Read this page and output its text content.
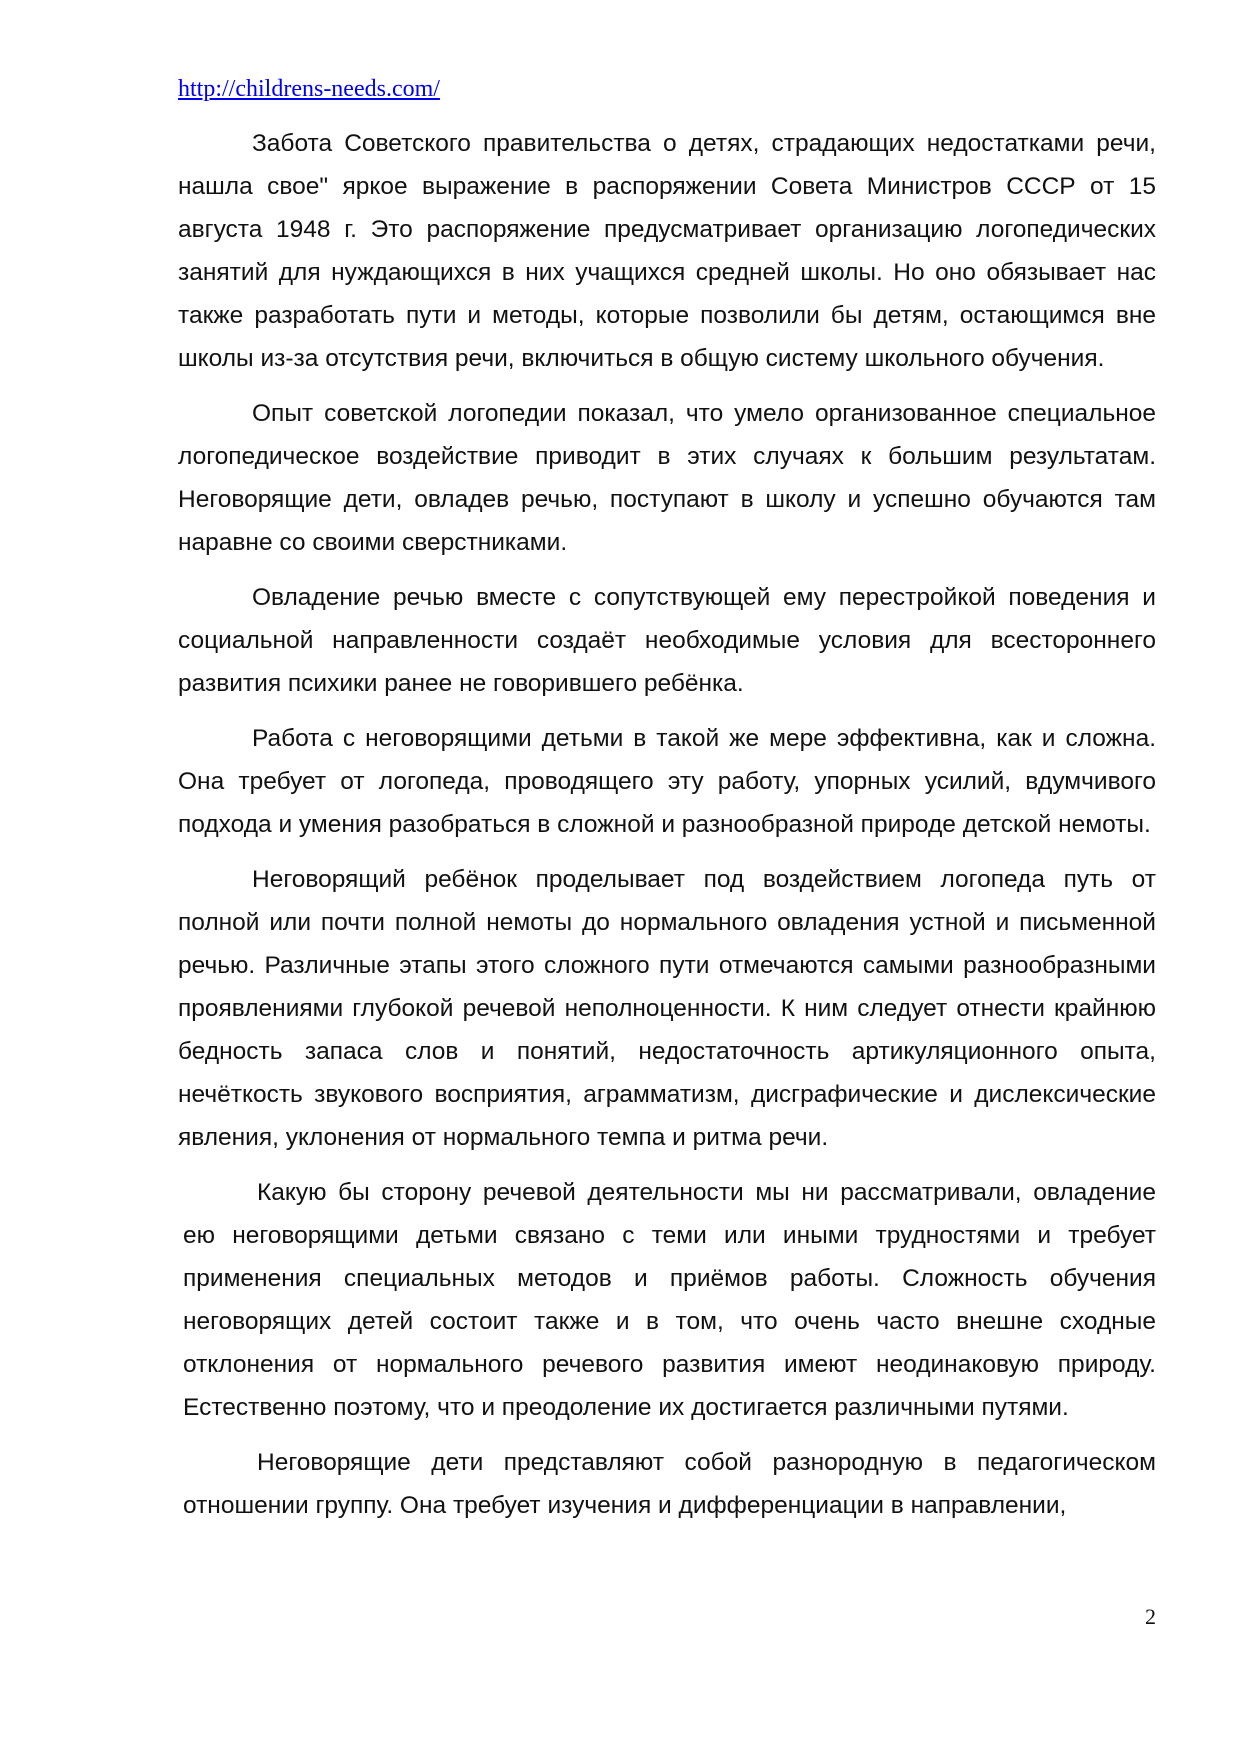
http://childrens-needs.com/

Забота Советского правительства о детях, страдающих недостатками речи, нашла свое" яркое выражение в распоряжении Совета Министров СССР от 15 августа 1948 г. Это распоряжение предусматривает организацию логопедических занятий для нуждающихся в них учащихся средней школы. Но оно обязывает нас также разработать пути и методы, которые позволили бы детям, остающимся вне школы из-за отсутствия речи, включиться в общую систему школьного обучения.

Опыт советской логопедии показал, что умело организованное специальное логопедическое воздействие приводит в этих случаях к большим результатам. Неговорящие дети, овладев речью, поступают в школу и успешно обучаются там наравне со своими сверстниками.

Овладение речью вместе с сопутствующей ему перестройкой поведения и социальной направленности создаёт необходимые условия для всестороннего развития психики ранее не говорившего ребёнка.

Работа с неговорящими детьми в такой же мере эффективна, как и сложна. Она требует от логопеда, проводящего эту работу, упорных усилий, вдумчивого подхода и умения разобраться в сложной и разнообразной природе детской немоты.

Неговорящий ребёнок проделывает под воздействием логопеда путь от полной или почти полной немоты до нормального овладения устной и письменной речью. Различные этапы этого сложного пути отмечаются самыми разнообразными проявлениями глубокой речевой неполноценности. К ним следует отнести крайнюю бедность запаса слов и понятий, недостаточность артикуляционного опыта, нечёткость звукового восприятия, аграмматизм, дисграфические и дислексические явления, уклонения от нормального темпа и ритма речи.

Какую бы сторону речевой деятельности мы ни рассматривали, овладение ею неговорящими детьми связано с теми или иными трудностями и требует применения специальных методов и приёмов работы. Сложность обучения неговорящих детей состоит также и в том, что очень часто внешне сходные отклонения от нормального речевого развития имеют неодинаковую природу. Естественно поэтому, что и преодоление их достигается различными путями.

Неговорящие дети представляют собой разнородную в педагогическом отношении группу. Она требует изучения и дифференциации в направлении,

2
